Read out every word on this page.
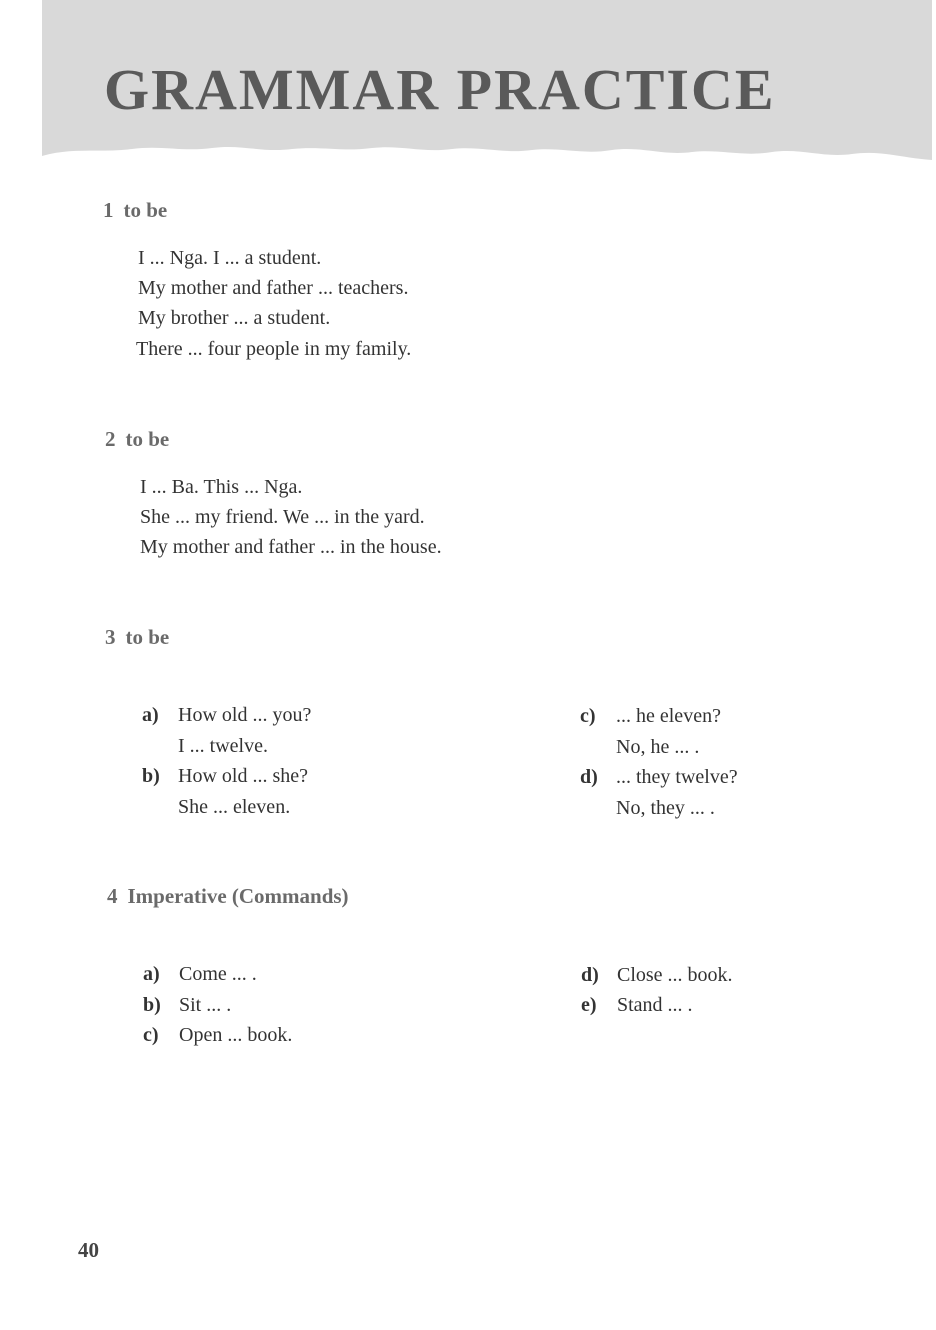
GRAMMAR PRACTICE
1 to be
I ... Nga. I ... a student.
My mother and father ... teachers.
My brother ... a student.
There ... four people in my family.
2 to be
I ... Ba. This ... Nga.
She ... my friend. We ... in the yard.
My mother and father ... in the house.
3 to be
a) How old ... you?
I ... twelve.
b) How old ... she?
She ... eleven.
c) ... he eleven?
No, he ... .
d) ... they twelve?
No, they ... .
4 Imperative (Commands)
a) Come ... .
b) Sit ... .
c) Open ... book.
d) Close ... book.
e) Stand ... .
40
